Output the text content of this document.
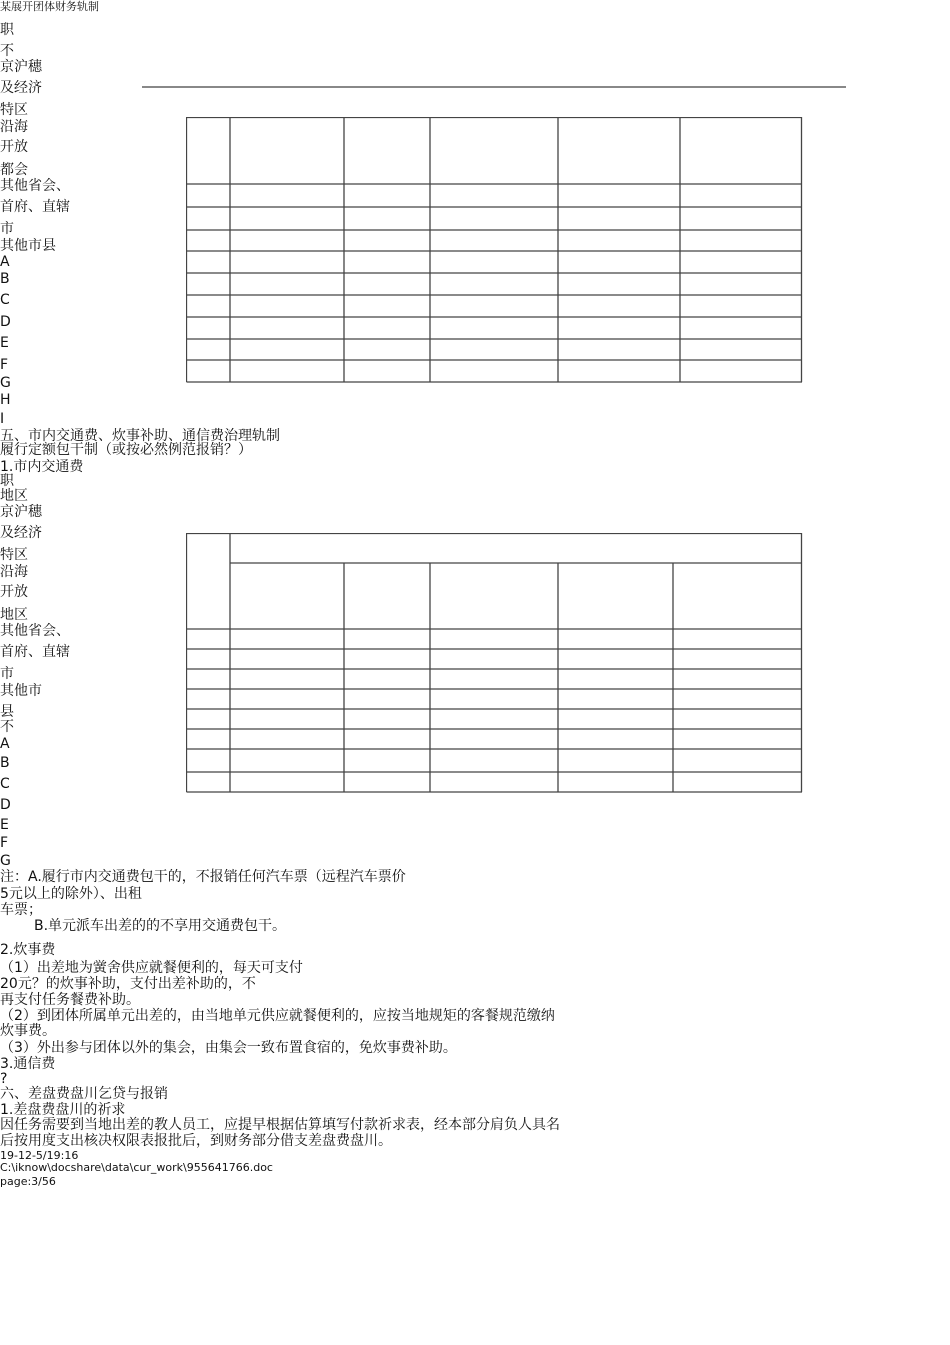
某展开团体财务轨制
职
不
京沪穗
及经济
特区
沿海
开放
都会
其他省会、
首府、直辖
市
其他市县
A
B
C
D
E
F
G
H
I
五、市内交通费、炊事补助、通信费治理轨制
履行定额包干制（或按必然例范报销？）
1.市内交通费
职
地区
京沪穗
及经济
特区
沿海
开放
地区
其他省会、
首府、直辖
市
其他市
县
不
A
B
C
D
E
F
G
注：A.履行市内交通费包干的，不报销任何汽车票（远程汽车票价
5元以上的除外）、出租
车票；
B.单元派车出差的的不享用交通费包干。
2.炊事费
（1）出差地为黉舍供应就餐便利的，每天可支付
20元？的炊事补助，支付出差补助的，不
再支付任务餐费补助。
（2）到团体所属单元出差的，由当地单元供应就餐便利的，应按当地规矩的客餐规范缴纳
炊事费。
（3）外出参与团体以外的集会，由集会一致布置食宿的，免炊事费补助。
3.通信费
?
六、差盘费盘川乞贷与报销
1.差盘费盘川的祈求
因任务需要到当地出差的教人员工，应提早根据估算填写付款祈求表，经本部分肩负人具名
后按用度支出核决权限表报批后，到财务部分借支差盘费盘川。
19-12-5/19:16
C:\iknow\docshare\data\cur_work\955641766.doc
page:3/56
